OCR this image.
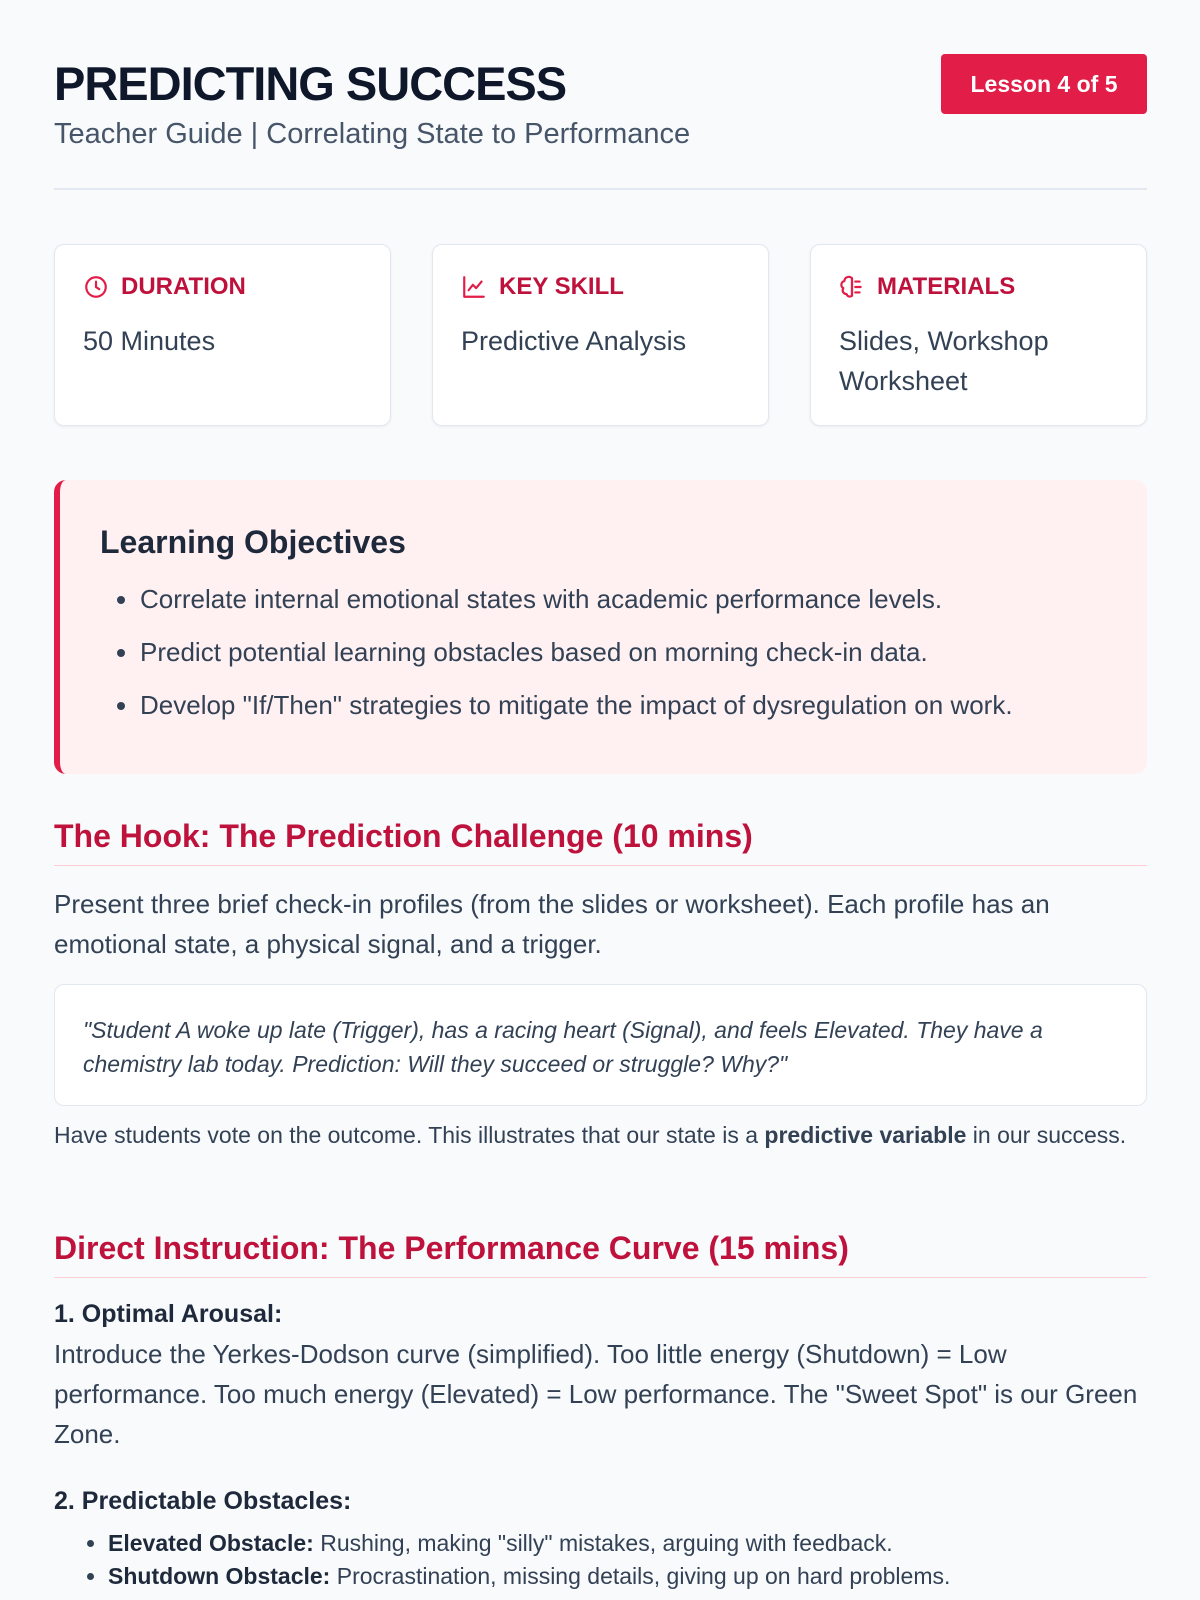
PREDICTING SUCCESS
Teacher Guide | Correlating State to Performance
Lesson 4 of 5
DURATION
50 Minutes
KEY SKILL
Predictive Analysis
MATERIALS
Slides, Workshop Worksheet
Learning Objectives
• Correlate internal emotional states with academic performance levels.
• Predict potential learning obstacles based on morning check-in data.
• Develop "If/Then" strategies to mitigate the impact of dysregulation on work.
The Hook: The Prediction Challenge (10 mins)
Present three brief check-in profiles (from the slides or worksheet). Each profile has an emotional state, a physical signal, and a trigger.
"Student A woke up late (Trigger), has a racing heart (Signal), and feels Elevated. They have a chemistry lab today. Prediction: Will they succeed or struggle? Why?"
Have students vote on the outcome. This illustrates that our state is a predictive variable in our success.
Direct Instruction: The Performance Curve (15 mins)
1. Optimal Arousal:
Introduce the Yerkes-Dodson curve (simplified). Too little energy (Shutdown) = Low performance. Too much energy (Elevated) = Low performance. The "Sweet Spot" is our Green Zone.
2. Predictable Obstacles:
• Elevated Obstacle: Rushing, making "silly" mistakes, arguing with feedback.
• Shutdown Obstacle: Procrastination, missing details, giving up on hard problems.
